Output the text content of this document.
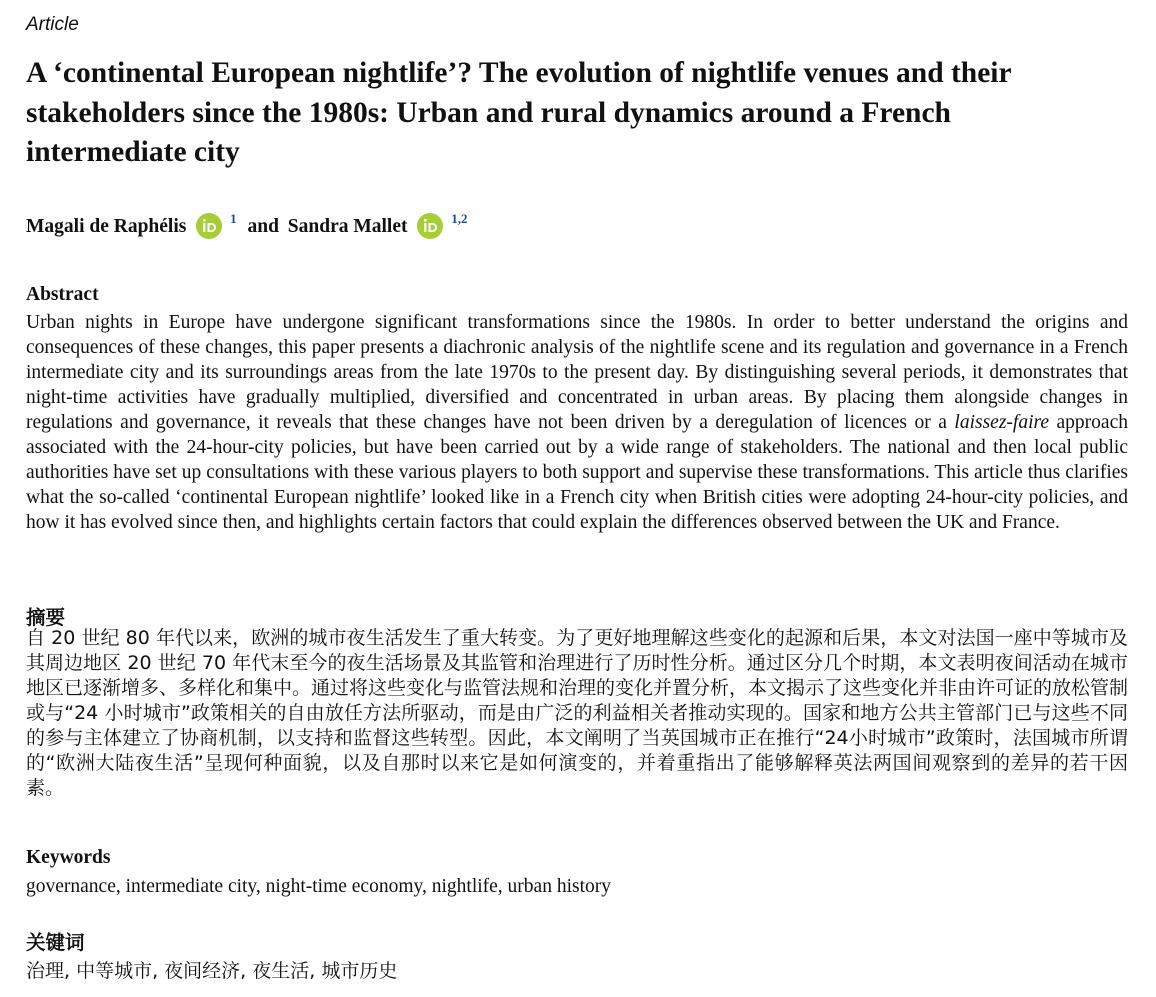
Article
A ‘continental European nightlife’? The evolution of nightlife venues and their stakeholders since the 1980s: Urban and rural dynamics around a French intermediate city
Magali de Raphélis	$^1$ and Sandra Mallet	$^{1,2}$
Abstract

Urban nights in Europe have undergone significant transformations since the 1980s. In order to better understand the origins and consequences of these changes, this paper presents a diachronic analysis of the nightlife scene and its regulation and governance in a French intermediate city and its surroundings areas from the late 1970s to the present day. By distinguishing several periods, it demonstrates that night-time activities have gradually multiplied, diversified and concentrated in urban areas. By placing them alongside changes in regulations and governance, it reveals that these changes have not been driven by a deregulation of licences or a laissez-faire approach associated with the 24-hour-city policies, but have been carried out by a wide range of stakeholders. The national and then local public authorities have set up consultations with these various players to both support and supervise these transformations. This article thus clarifies what the so-called ‘continental European nightlife’ looked like in a French city when British cities were adopting 24-hour-city policies, and how it has evolved since then, and highlights certain factors that could explain the differences observed between the UK and France.

摘要

自 20 世纪 80 年代以来，欧洲的城市夜生活发生了重大转变。为了更好地理解这些变化的起源和后果，本文对法国一座中等城市及其周边地区 20 世纪 70 年代末至今的夜生活场景及其监管和治理进行了历时性分析。通过区分几个时期，本文表明夜间活动在城市地区已逐渐增多、多样化和集中。通过将这些变化与监管法规和治理的变化并置分析，本文揭示了这些变化并非由许可证的放松管制或与“24 小时城市”政策相关的自由放任方法所驱动，而是由广泛的利益相关者推动实现的。国家和地方公共主管部门已与这些不同的参与主体建立了协商机制，以支持和监督这些转型。因此，本文阐明了当英国城市正在推行“24小时城市”政策时，法国城市所谓的“欧洲大陆夜生活”呈现何种面貌，以及自那时以来它是如何演变的，并着重指出了能够解释英法两国间观察到的差异的若干因素。

Keywords
governance, intermediate city, night-time economy, nightlife, urban history
关键词
治理, 中等城市, 夜间经济, 夜生活, 城市历史
